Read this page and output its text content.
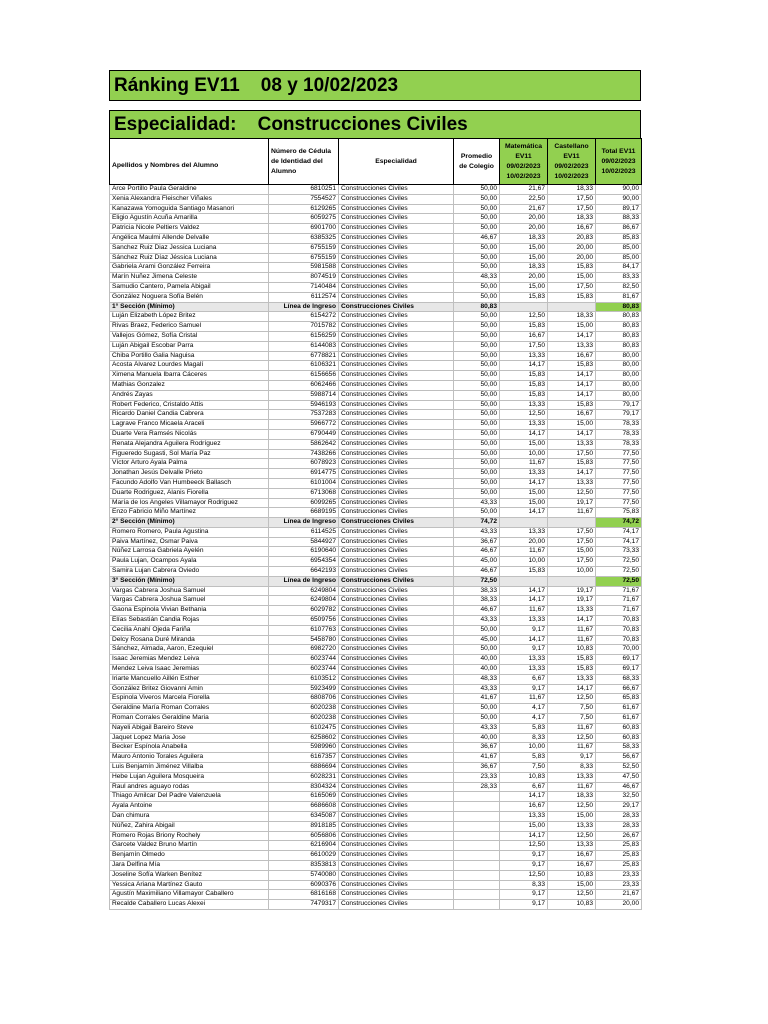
Ránking EV11    08 y 10/02/2023
Especialidad:    Construcciones Civiles
Apellidos y Nombres del Alumno	Número de Cédula de Identidad del Alumno	Especialidad	Promedio de Colegio	Matemática EV11 09/02/2023 10/02/2023	Castellano EV11 09/02/2023 10/02/2023	Total EV11 09/02/2023 10/02/2023
Arce Portillo Paula Geraldine	6810251	Construcciones Civiles	50,00	21,67	18,33	90,00
Xenia Alexandra Fleischer Viñales	7554527	Construcciones Civiles	50,00	22,50	17,50	90,00
Kanazawa Yomoguida Santiago Masanori	6129265	Construcciones Civiles	50,00	21,67	17,50	89,17
Eligio Agustín Acuña Amarilla	6059275	Construcciones Civiles	50,00	20,00	18,33	88,33
Patricia Nicole Peltiers Valdez	6901700	Construcciones Civiles	50,00	20,00	16,67	86,67
Angélica Maulmi Allende Delvalle	6385325	Construcciones Civiles	46,67	18,33	20,83	85,83
Sanchez Ruiz Diaz Jessica Luciana	6755159	Construcciones Civiles	50,00	15,00	20,00	85,00
Sánchez Ruiz Díaz Jéssica Luciana	6755159	Construcciones Civiles	50,00	15,00	20,00	85,00
Gabriela Arami González Ferreira	5981588	Construcciones Civiles	50,00	18,33	15,83	84,17
Marín Nuñez Jimena Celeste	8074519	Construcciones Civiles	48,33	20,00	15,00	83,33
Samudio Cantero, Pamela Abigail	7140484	Construcciones Civiles	50,00	15,00	17,50	82,50
González Noguera Sofía Belén	6112574	Construcciones Civiles	50,00	15,83	15,83	81,67
1° Sección (Mínimo)	Línea de Ingreso	Construcciones Civiles	80,83			80,83
Luján Elizabeth López Britez	6154272	Construcciones Civiles	50,00	12,50	18,33	80,83
Rivas Braez, Federico Samuel	7015782	Construcciones Civiles	50,00	15,83	15,00	80,83
Vallejos Gómez, Sofía Cristal	6156259	Construcciones Civiles	50,00	16,67	14,17	80,83
Luján Abigail Escobar Parra	6144083	Construcciones Civiles	50,00	17,50	13,33	80,83
Chiba Portillo Galia Naguisa	6778821	Construcciones Civiles	50,00	13,33	16,67	80,00
Acosta Álvarez Lourdes Magalí	6106321	Construcciones Civiles	50,00	14,17	15,83	80,00
Ximena Manuela Ibarra Cáceres	6156656	Construcciones Civiles	50,00	15,83	14,17	80,00
Mathias Gonzalez	6062466	Construcciones Civiles	50,00	15,83	14,17	80,00
Andrés Zayas	5988714	Construcciones Civiles	50,00	15,83	14,17	80,00
Robert Federico, Cristaldo Attis	5946193	Construcciones Civiles	50,00	13,33	15,83	79,17
Ricardo Daniel Candia Cabrera	7537283	Construcciones Civiles	50,00	12,50	16,67	79,17
Lagrave Franco Micaela Araceli	5966772	Construcciones Civiles	50,00	13,33	15,00	78,33
Duarte Vera Ramsés Nicolás	6790449	Construcciones Civiles	50,00	14,17	14,17	78,33
Renata Alejandra Aguilera Rodríguez	5862642	Construcciones Civiles	50,00	15,00	13,33	78,33
Figueredo Sugasti, Sol María Paz	7438266	Construcciones Civiles	50,00	10,00	17,50	77,50
Víctor Arturo Ayala Palma	6078923	Construcciones Civiles	50,00	11,67	15,83	77,50
Jonathan Jesús Delvalle Prieto	6914775	Construcciones Civiles	50,00	13,33	14,17	77,50
Facundo Adolfo Van Humbeeck Ballasch	6101004	Construcciones Civiles	50,00	14,17	13,33	77,50
Duarte Rodriguez, Alanis Fiorella	6713068	Construcciones Civiles	50,00	15,00	12,50	77,50
María de los Angeles Villamayor Rodriguez	6099265	Construcciones Civiles	43,33	15,00	19,17	77,50
Enzo Fabricio Miño Martínez	6689195	Construcciones Civiles	50,00	14,17	11,67	75,83
2° Sección (Mínimo)	Línea de Ingreso	Construcciones Civiles	74,72			74,72
Romero Romero, Paula Agustina	6114525	Construcciones Civiles	43,33	13,33	17,50	74,17
Paiva Martínez, Osmar Paiva	5844927	Construcciones Civiles	36,67	20,00	17,50	74,17
Núñez Larrosa Gabriela Ayelén	6190640	Construcciones Civiles	46,67	11,67	15,00	73,33
Paula Lujan, Ocampos Ayala	6954354	Construcciones Civiles	45,00	10,00	17,50	72,50
Samira Lujan Cabrera Oviedo	6642193	Construcciones Civiles	46,67	15,83	10,00	72,50
3° Sección (Mínimo)	Línea de Ingreso	Construcciones Civiles	72,50			72,50
Vargas Cabrera Joshua Samuel	6249804	Construcciones Civiles	38,33	14,17	19,17	71,67
Vargas Cabrera Joshua Samuel	6249804	Construcciones Civiles	38,33	14,17	19,17	71,67
Gaona Espinola Vivian Bethania	6029782	Construcciones Civiles	46,67	11,67	13,33	71,67
Elías Sebastián Candia Rojas	6509756	Construcciones Civiles	43,33	13,33	14,17	70,83
Cecilia Anahí Ojeda Fariña	6107763	Construcciones Civiles	50,00	9,17	11,67	70,83
Delcy Rosana Duré Miranda	5458780	Construcciones Civiles	45,00	14,17	11,67	70,83
Sánchez, Almada, Aaron, Ezequiel	6982720	Construcciones Civiles	50,00	9,17	10,83	70,00
Isaac Jeremias Mendez Leiva	6023744	Construcciones Civiles	40,00	13,33	15,83	69,17
Mendez Leiva Isaac Jeremias	6023744	Construcciones Civiles	40,00	13,33	15,83	69,17
Iriarte Mancuello Aillén Esther	6103512	Construcciones Civiles	48,33	6,67	13,33	68,33
González Britez Giovanni Amin	5923499	Construcciones Civiles	43,33	9,17	14,17	66,67
Espinola Viveros Marcela Fiorella	6808706	Construcciones Civiles	41,67	11,67	12,50	65,83
Geraldine María Roman Corrales	6020238	Construcciones Civiles	50,00	4,17	7,50	61,67
Roman Corrales Geraldine Maria	6020238	Construcciones Civiles	50,00	4,17	7,50	61,67
Nayeli Abigail Bareiro Steve	6102475	Construcciones Civiles	43,33	5,83	11,67	60,83
Jaquet Lopez Maria Jose	6258602	Construcciones Civiles	40,00	8,33	12,50	60,83
Becker Espínola Anabella	5989960	Construcciones Civiles	36,67	10,00	11,67	58,33
Mauro Antonio Torales Aguilera	6167357	Construcciones Civiles	41,67	5,83	9,17	56,67
Luis Benjamín Jiménez Villalba	6886694	Construcciones Civiles	36,67	7,50	8,33	52,50
Hebe Lujan Aguilera Mosqueira	6028231	Construcciones Civiles	23,33	10,83	13,33	47,50
Raul andres aguayo rodas	8304324	Construcciones Civiles	28,33	6,67	11,67	46,67
Thiago Amilcar Del Padre Valenzuela	6165069	Construcciones Civiles		14,17	18,33	32,50
Ayala Antoine	6686608	Construcciones Civiles		16,67	12,50	29,17
Dan chimura	6345087	Construcciones Civiles		13,33	15,00	28,33
Núñez, Zahira Abigail	8918185	Construcciones Civiles		15,00	13,33	28,33
Romero Rojas Briony Rochely	6056806	Construcciones Civiles		14,17	12,50	26,67
Garcete Valdez Bruno Martín	6216904	Construcciones Civiles		12,50	13,33	25,83
Benjamín Olmedo	6610029	Construcciones Civiles		9,17	16,67	25,83
Jara Delfina Mía	8353813	Construcciones Civiles		9,17	16,67	25,83
Joseline Sofía Warken Benítez	5740080	Construcciones Civiles		12,50	10,83	23,33
Yessica Ariana Martínez Gauto	6090376	Construcciones Civiles		8,33	15,00	23,33
Agustín Maximiliano Villamayor Caballero	6816168	Construcciones Civiles		9,17	12,50	21,67
Recalde Caballero Lucas Alexei	7479317	Construcciones Civiles		9,17	10,83	20,00
